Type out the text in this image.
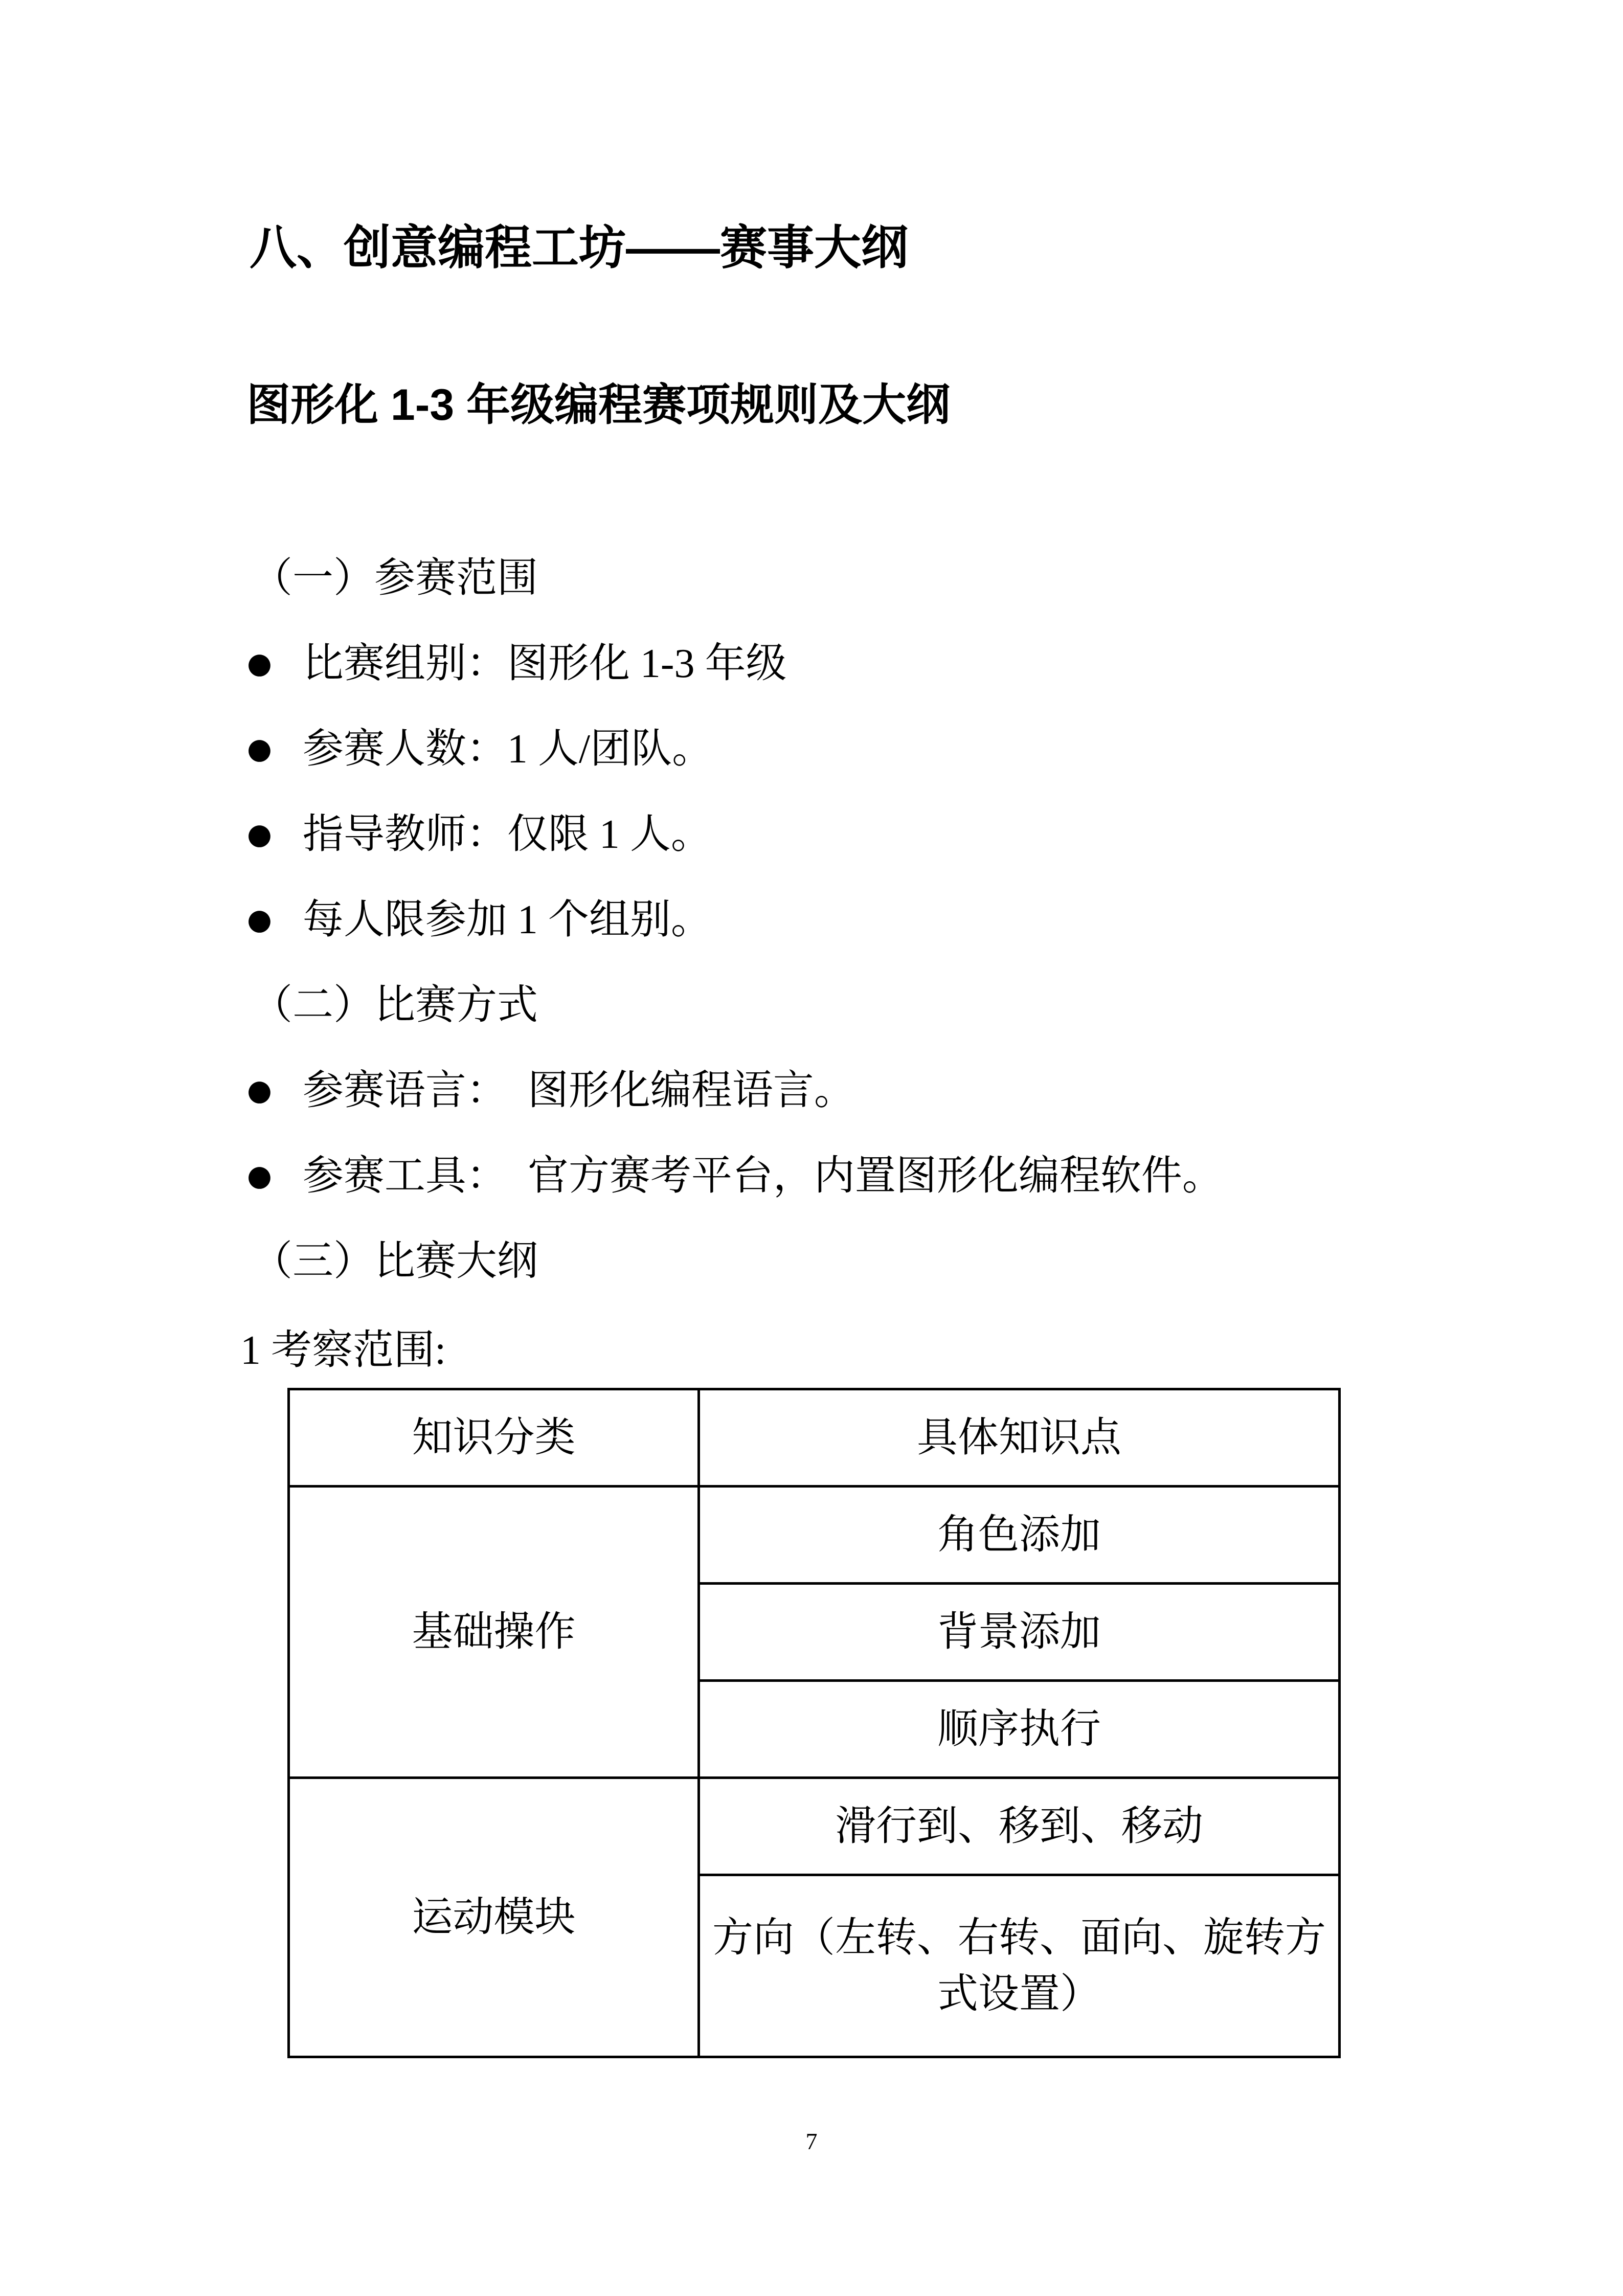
八、创意编程工坊——赛事大纲
图形化 1-3 年级编程赛项规则及大纲
（一）参赛范围
● 比赛组别：图形化 1-3 年级
● 参赛人数：1 人/团队。
● 指导教师：仅限 1 人。
● 每人限参加 1 个组别。
（二）比赛方式
● 参赛语言：　图形化编程语言。
● 参赛工具：　官方赛考平台，内置图形化编程软件。
（三）比赛大纲
1 考察范围:
知识分类	具体知识点
基础操作	角色添加
	背景添加
	顺序执行
运动模块	滑行到、移到、移动
	方向（左转、右转、面向、旋转方式设置）
7
